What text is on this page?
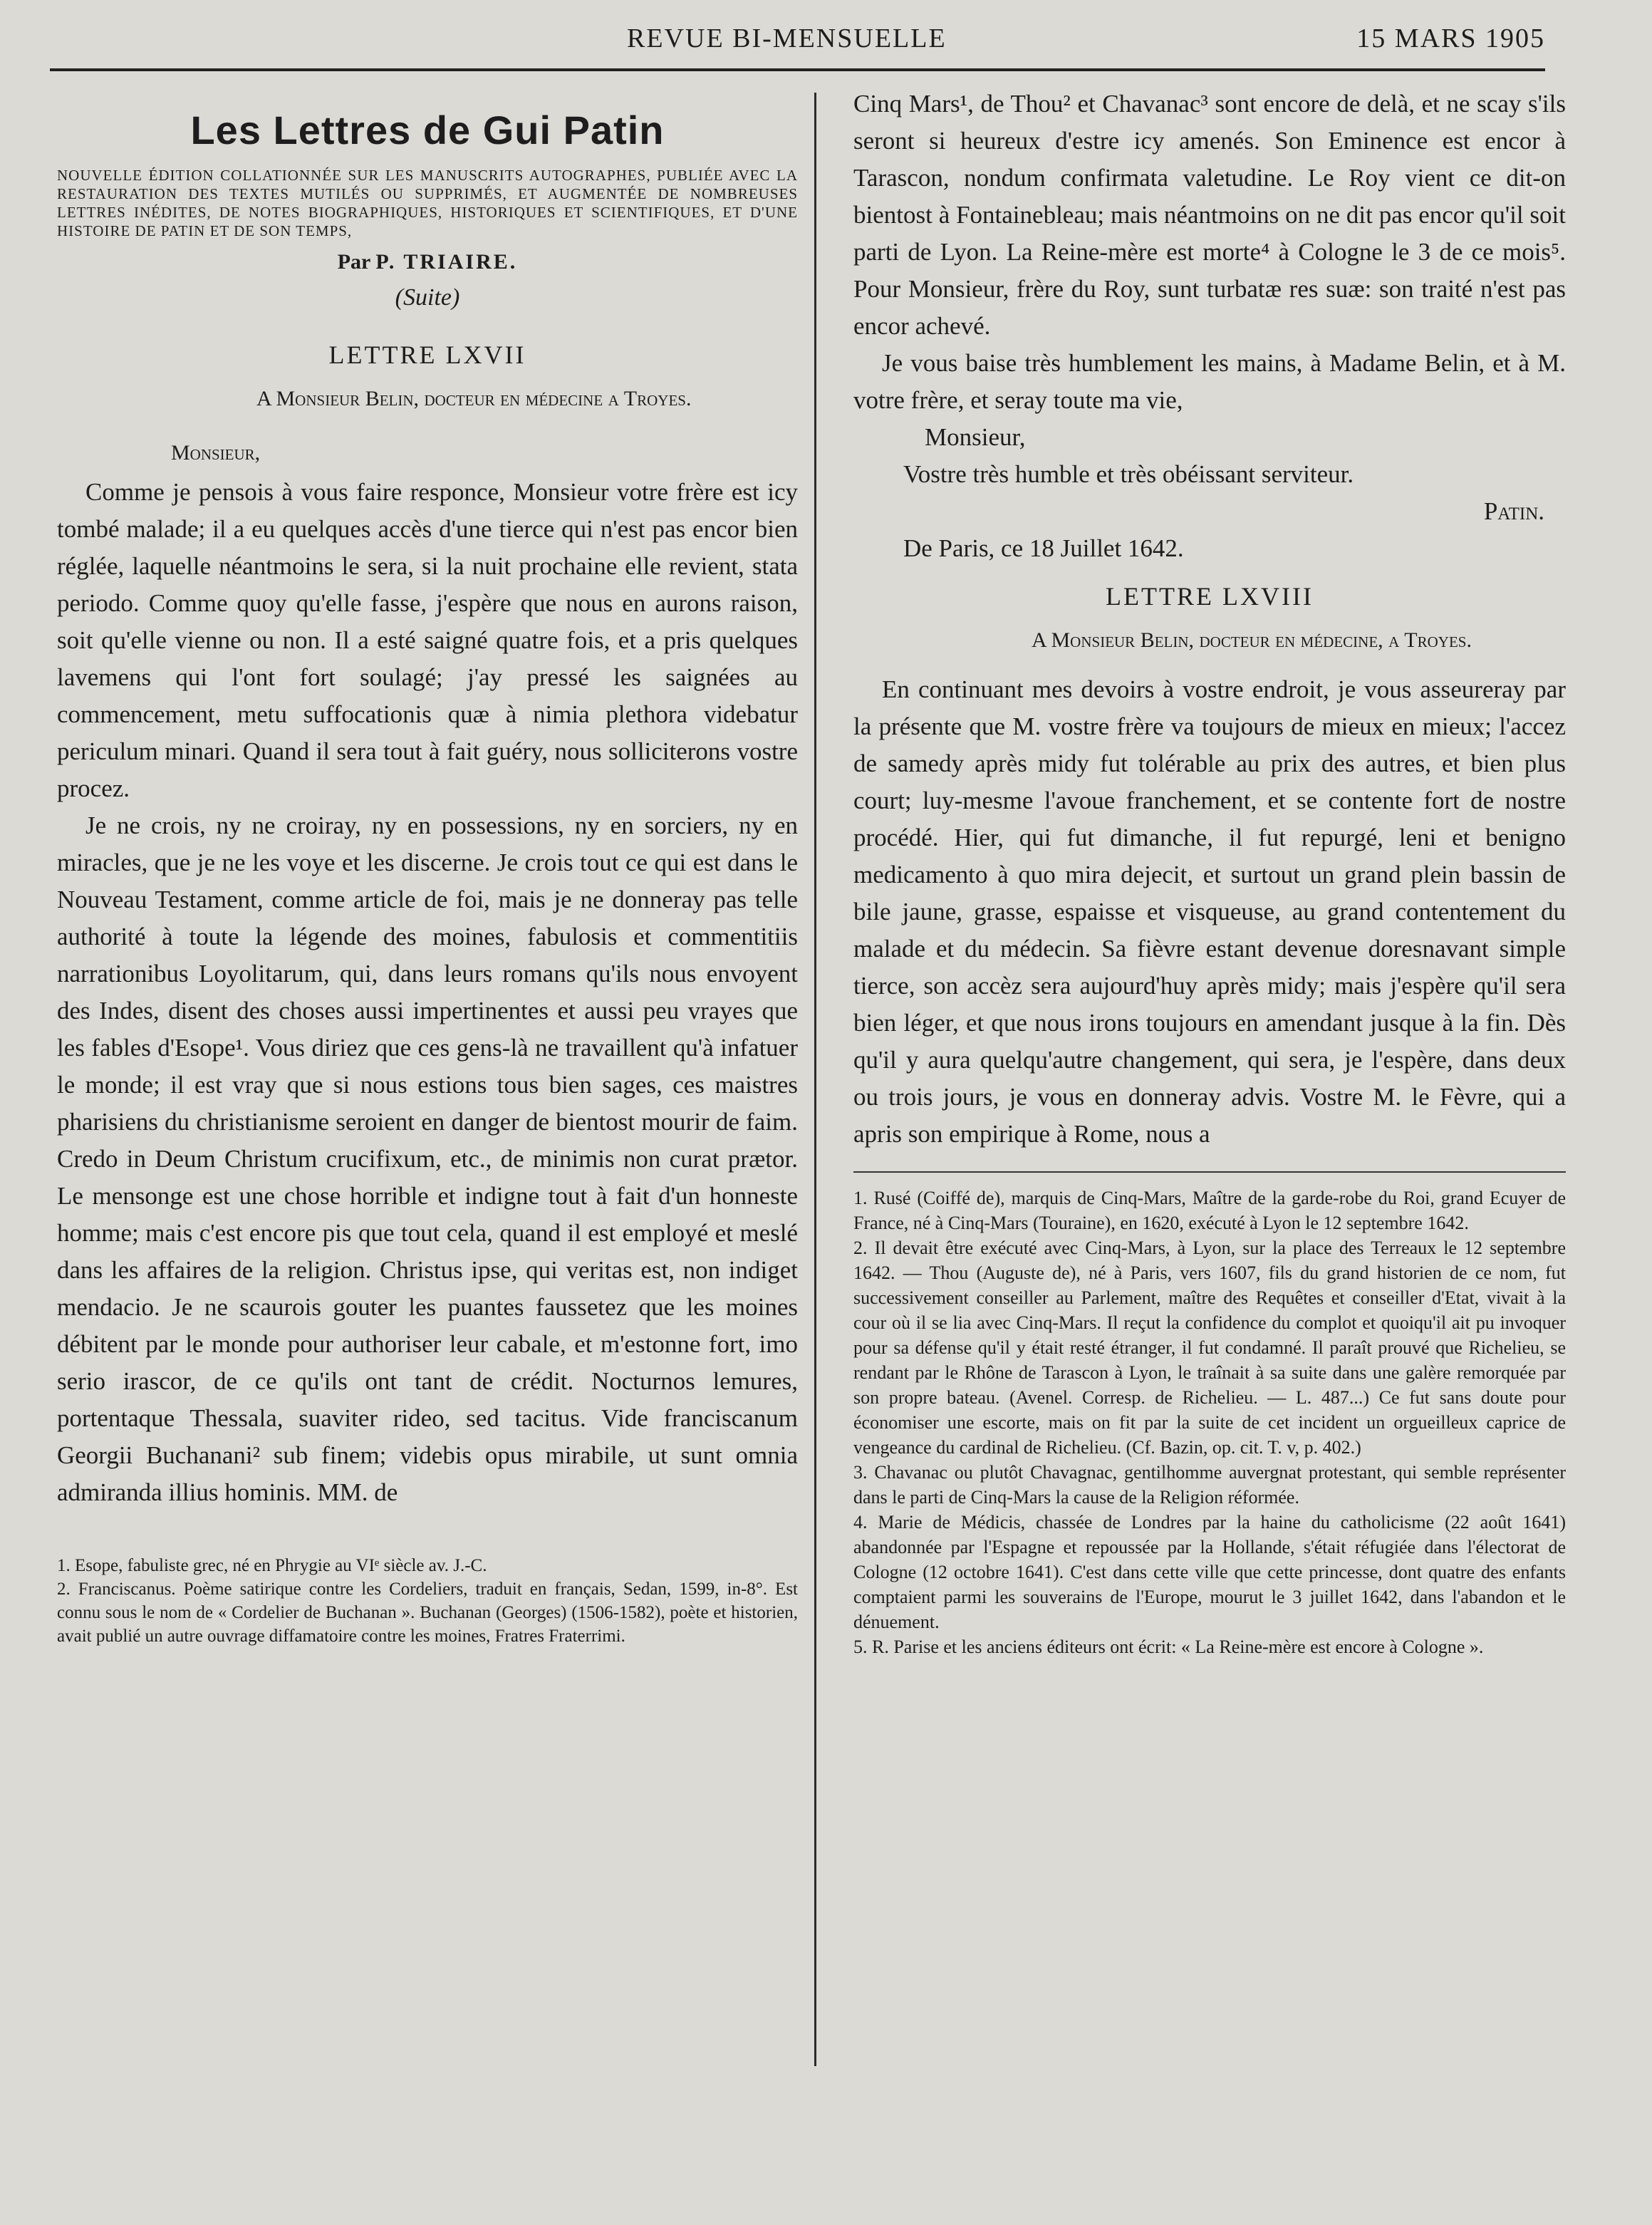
REVUE BI-MENSUELLE	15 MARS 1905
Les Lettres de Gui Patin

NOUVELLE ÉDITION COLLATIONNÉE SUR LES MANUSCRITS AUTOGRAPHES, PUBLIÉE AVEC LA RESTAURATION DES TEXTES MUTILÉS OU SUPPRIMÉS, ET AUGMENTÉE DE NOMBREUSES LETTRES INÉDITES, DE NOTES BIOGRAPHIQUES, HISTORIQUES ET SCIENTIFIQUES, ET D'UNE HISTOIRE DE PATIN ET DE SON TEMPS,

Par P. TRIAIRE.
(Suite)
LETTRE LXVII
A Monsieur Belin, docteur en médecine a Troyes.
Monsieur,

Comme je pensois à vous faire responce, Monsieur votre frère est icy tombé malade; il a eu quelques accès d'une tierce qui n'est pas encor bien réglée, laquelle néantmoins le sera, si la nuit prochaine elle revient, stata periodo. Comme quoy qu'elle fasse, j'espère que nous en aurons raison, soit qu'elle vienne ou non. Il a esté saigné quatre fois, et a pris quelques lavemens qui l'ont fort soulagé; j'ay pressé les saignées au commencement, metu suffocationis quæ à nimia plethora videbatur periculum minari. Quand il sera tout à fait guéry, nous solliciterons vostre procez.

Je ne crois, ny ne croiray, ny en possessions, ny en sorciers, ny en miracles, que je ne les voye et les discerne. Je crois tout ce qui est dans le Nouveau Testament, comme article de foi, mais je ne donneray pas telle authorité à toute la légende des moines, fabulosis et commentitiis narrationibus Loyolitarum, qui, dans leurs romans qu'ils nous envoyent des Indes, disent des choses aussi impertinentes et aussi peu vrayes que les fables d'Esope¹. Vous diriez que ces gens-là ne travaillent qu'à infatuer le monde; il est vray que si nous estions tous bien sages, ces maistres pharisiens du christianisme seroient en danger de bientost mourir de faim. Credo in Deum Christum crucifixum, etc., de minimis non curat prætor. Le mensonge est une chose horrible et indigne tout à fait d'un honneste homme; mais c'est encore pis que tout cela, quand il est employé et meslé dans les affaires de la religion. Christus ipse, qui veritas est, non indiget mendacio. Je ne scaurois gouter les puantes faussetez que les moines débitent par le monde pour authoriser leur cabale, et m'estonne fort, imo serio irascor, de ce qu'ils ont tant de crédit. Nocturnos lemures, portentaque Thessala, suaviter rideo, sed tacitus. Vide franciscanum Georgii Buchanani² sub finem; videbis opus mirabile, ut sunt omnia admiranda illius hominis. MM. de

1. Esope, fabuliste grec, né en Phrygie au VIᵉ siècle av. J.-C.

2. Franciscanus. Poème satirique contre les Cordeliers, traduit en français, Sedan, 1599, in-8°. Est connu sous le nom de « Cordelier de Buchanan ». Buchanan (Georges) (1506-1582), poète et historien, avait publié un autre ouvrage diffamatoire contre les moines, Fratres Fraterrimi.

Cinq Mars¹, de Thou² et Chavanac³ sont encore de delà, et ne scay s'ils seront si heureux d'estre icy amenés. Son Eminence est encor à Tarascon, nondum confirmata valetudine. Le Roy vient ce dit-on bientost à Fontainebleau; mais néantmoins on ne dit pas encor qu'il soit parti de Lyon. La Reine-mère est morte⁴ à Cologne le 3 de ce mois⁵. Pour Monsieur, frère du Roy, sunt turbatæ res suæ: son traité n'est pas encor achevé.

Je vous baise très humblement les mains, à Madame Belin, et à M. votre frère, et seray toute ma vie,

Monsieur,

Vostre très humble et très obéissant serviteur.

Patin.

De Paris, ce 18 Juillet 1642.

LETTRE LXVIII
A Monsieur Belin, docteur en médecine, a Troyes.

En continuant mes devoirs à vostre endroit, je vous asseureray par la présente que M. vostre frère va toujours de mieux en mieux; l'accez de samedy après midy fut tolérable au prix des autres, et bien plus court; luy-mesme l'avoue franchement, et se contente fort de nostre procédé. Hier, qui fut dimanche, il fut repurgé, leni et benigno medicamento à quo mira dejecit, et surtout un grand plein bassin de bile jaune, grasse, espaisse et visqueuse, au grand contentement du malade et du médecin. Sa fièvre estant devenue doresnavant simple tierce, son accèz sera aujourd'huy après midy; mais j'espère qu'il sera bien léger, et que nous irons toujours en amendant jusque à la fin. Dès qu'il y aura quelqu'autre changement, qui sera, je l'espère, dans deux ou trois jours, je vous en donneray advis. Vostre M. le Fèvre, qui a apris son empirique à Rome, nous a

1. Rusé (Coiffé de), marquis de Cinq-Mars, Maître de la garde-robe du Roi, grand Ecuyer de France, né à Cinq-Mars (Touraine), en 1620, exécuté à Lyon le 12 septembre 1642.

2. Il devait être exécuté avec Cinq-Mars, à Lyon, sur la place des Terreaux le 12 septembre 1642. — Thou (Auguste de), né à Paris, vers 1607, fils du grand historien de ce nom, fut successivement conseiller au Parlement, maître des Requêtes et conseiller d'Etat, vivait à la cour où il se lia avec Cinq-Mars. Il reçut la confidence du complot et quoiqu'il ait pu invoquer pour sa défense qu'il y était resté étranger, il fut condamné. Il paraît prouvé que Richelieu, se rendant par le Rhône de Tarascon à Lyon, le traînait à sa suite dans une galère remorquée par son propre bateau. (Avenel. Corresp. de Richelieu. — L. 487...) Ce fut sans doute pour économiser une escorte, mais on fit par la suite de cet incident un orgueilleux caprice de vengeance du cardinal de Richelieu. (Cf. Bazin, op. cit. T. v, p. 402.)

3. Chavanac ou plutôt Chavagnac, gentilhomme auvergnat protestant, qui semble représenter dans le parti de Cinq-Mars la cause de la Religion réformée.

4. Marie de Médicis, chassée de Londres par la haine du catholicisme (22 août 1641) abandonnée par l'Espagne et repoussée par la Hollande, s'était réfugiée dans l'électorat de Cologne (12 octobre 1641). C'est dans cette ville que cette princesse, dont quatre des enfants comptaient parmi les souverains de l'Europe, mourut le 3 juillet 1642, dans l'abandon et le dénuement.

5. R. Parise et les anciens éditeurs ont écrit: « La Reine-mère est encore à Cologne ».
